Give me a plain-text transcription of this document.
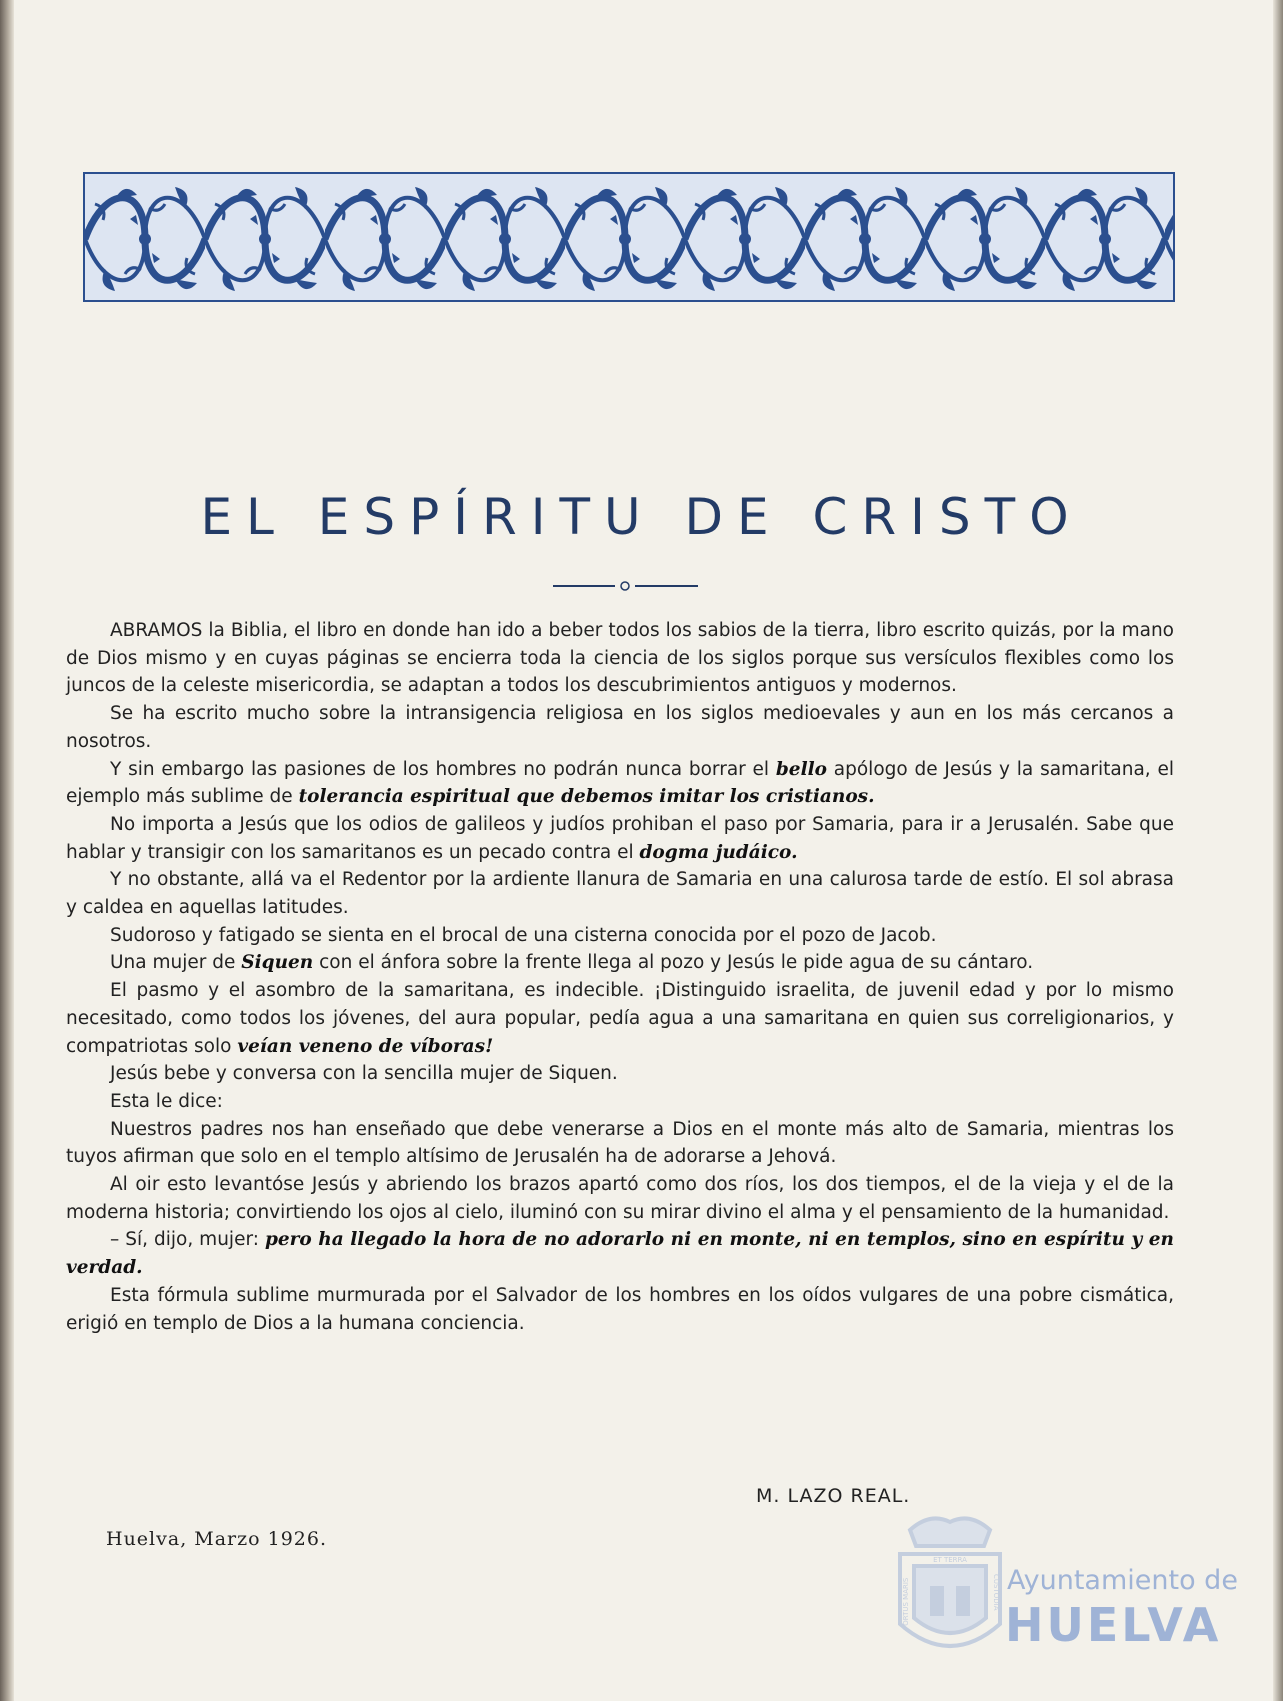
EL ESPÍRITU DE CRISTO

ABRAMOS la Biblia, el libro en donde han ido a beber todos los sabios de la tierra, libro escrito quizás, por la mano de Dios mismo y en cuyas páginas se encierra toda la ciencia de los siglos porque sus versículos flexibles como los juncos de la celeste misericordia, se adaptan a todos los descubrimientos antiguos y modernos.

Se ha escrito mucho sobre la intransigencia religiosa en los siglos medioevales y aun en los más cercanos a nosotros.

Y sin embargo las pasiones de los hombres no podrán nunca borrar el bello apólogo de Jesús y la samaritana, el ejemplo más sublime de tolerancia espiritual que debemos imitar los cristianos.

No importa a Jesús que los odios de galileos y judíos prohiban el paso por Samaria, para ir a Jerusalén. Sabe que hablar y transigir con los samaritanos es un pecado contra el dogma judáico.

Y no obstante, allá va el Redentor por la ardiente llanura de Samaria en una calurosa tarde de estío. El sol abrasa y caldea en aquellas latitudes.

Sudoroso y fatigado se sienta en el brocal de una cisterna conocida por el pozo de Jacob.

Una mujer de Siquen con el ánfora sobre la frente llega al pozo y Jesús le pide agua de su cántaro.

El pasmo y el asombro de la samaritana, es indecible. ¡Distinguido israelita, de juvenil edad y por lo mismo necesitado, como todos los jóvenes, del aura popular, pedía agua a una samaritana en quien sus correligionarios, y compatriotas solo veían veneno de víboras!

Jesús bebe y conversa con la sencilla mujer de Siquen.

Esta le dice:

Nuestros padres nos han enseñado que debe venerarse a Dios en el monte más alto de Samaria, mientras los tuyos afirman que solo en el templo altísimo de Jerusalén ha de adorarse a Jehová.

Al oir esto levantóse Jesús y abriendo los brazos apartó como dos ríos, los dos tiempos, el de la vieja y el de la moderna historia; convirtiendo los ojos al cielo, iluminó con su mirar divino el alma y el pensamiento de la humanidad.

– Sí, dijo, mujer: pero ha llegado la hora de no adorarlo ni en monte, ni en templos, sino en espíritu y en verdad.

Esta fórmula sublime murmurada por el Salvador de los hombres en los oídos vulgares de una pobre cismática, erigió en templo de Dios a la humana conciencia.

M. LAZO REAL.
Huelva, Marzo 1926.
ET TERRA
PORTUS MARIS	CUSTODIA Ayuntamiento de
HUELVA
